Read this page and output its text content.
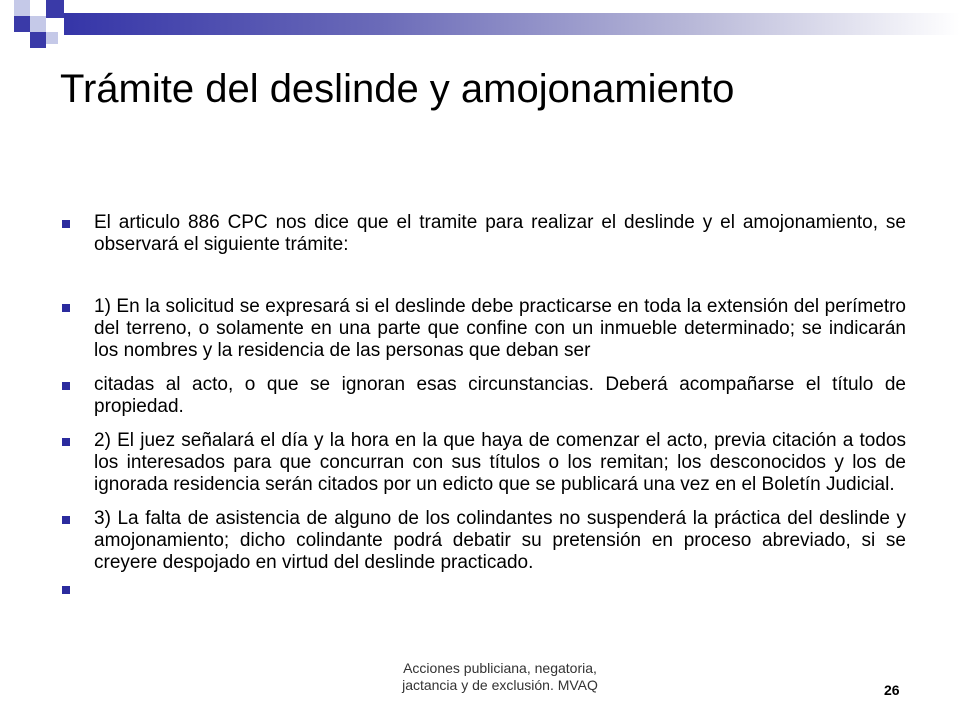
Trámite del deslinde y amojonamiento
El articulo 886 CPC nos dice que el tramite para realizar el deslinde y el amojonamiento, se observará el siguiente trámite:
1) En la solicitud se expresará si el deslinde debe practicarse en toda la extensión del perímetro del terreno, o solamente en una parte que confine con un inmueble determinado; se indicarán los nombres y la residencia de las personas que deban ser
citadas al acto, o que se ignoran esas circunstancias. Deberá acompañarse el título de propiedad.
2) El juez señalará el día y la hora en la que haya de comenzar el acto, previa citación a todos los interesados para que concurran con sus títulos o los remitan; los desconocidos y los de ignorada residencia serán citados por un edicto que se publicará una vez en el Boletín Judicial.
3) La falta de asistencia de alguno de los colindantes no suspenderá la práctica del deslinde y amojonamiento; dicho colindante podrá debatir su pretensión en proceso abreviado, si se creyere despojado en virtud del deslinde practicado.
Acciones publiciana, negatoria,
jactancia y de exclusión. MVAQ	26
